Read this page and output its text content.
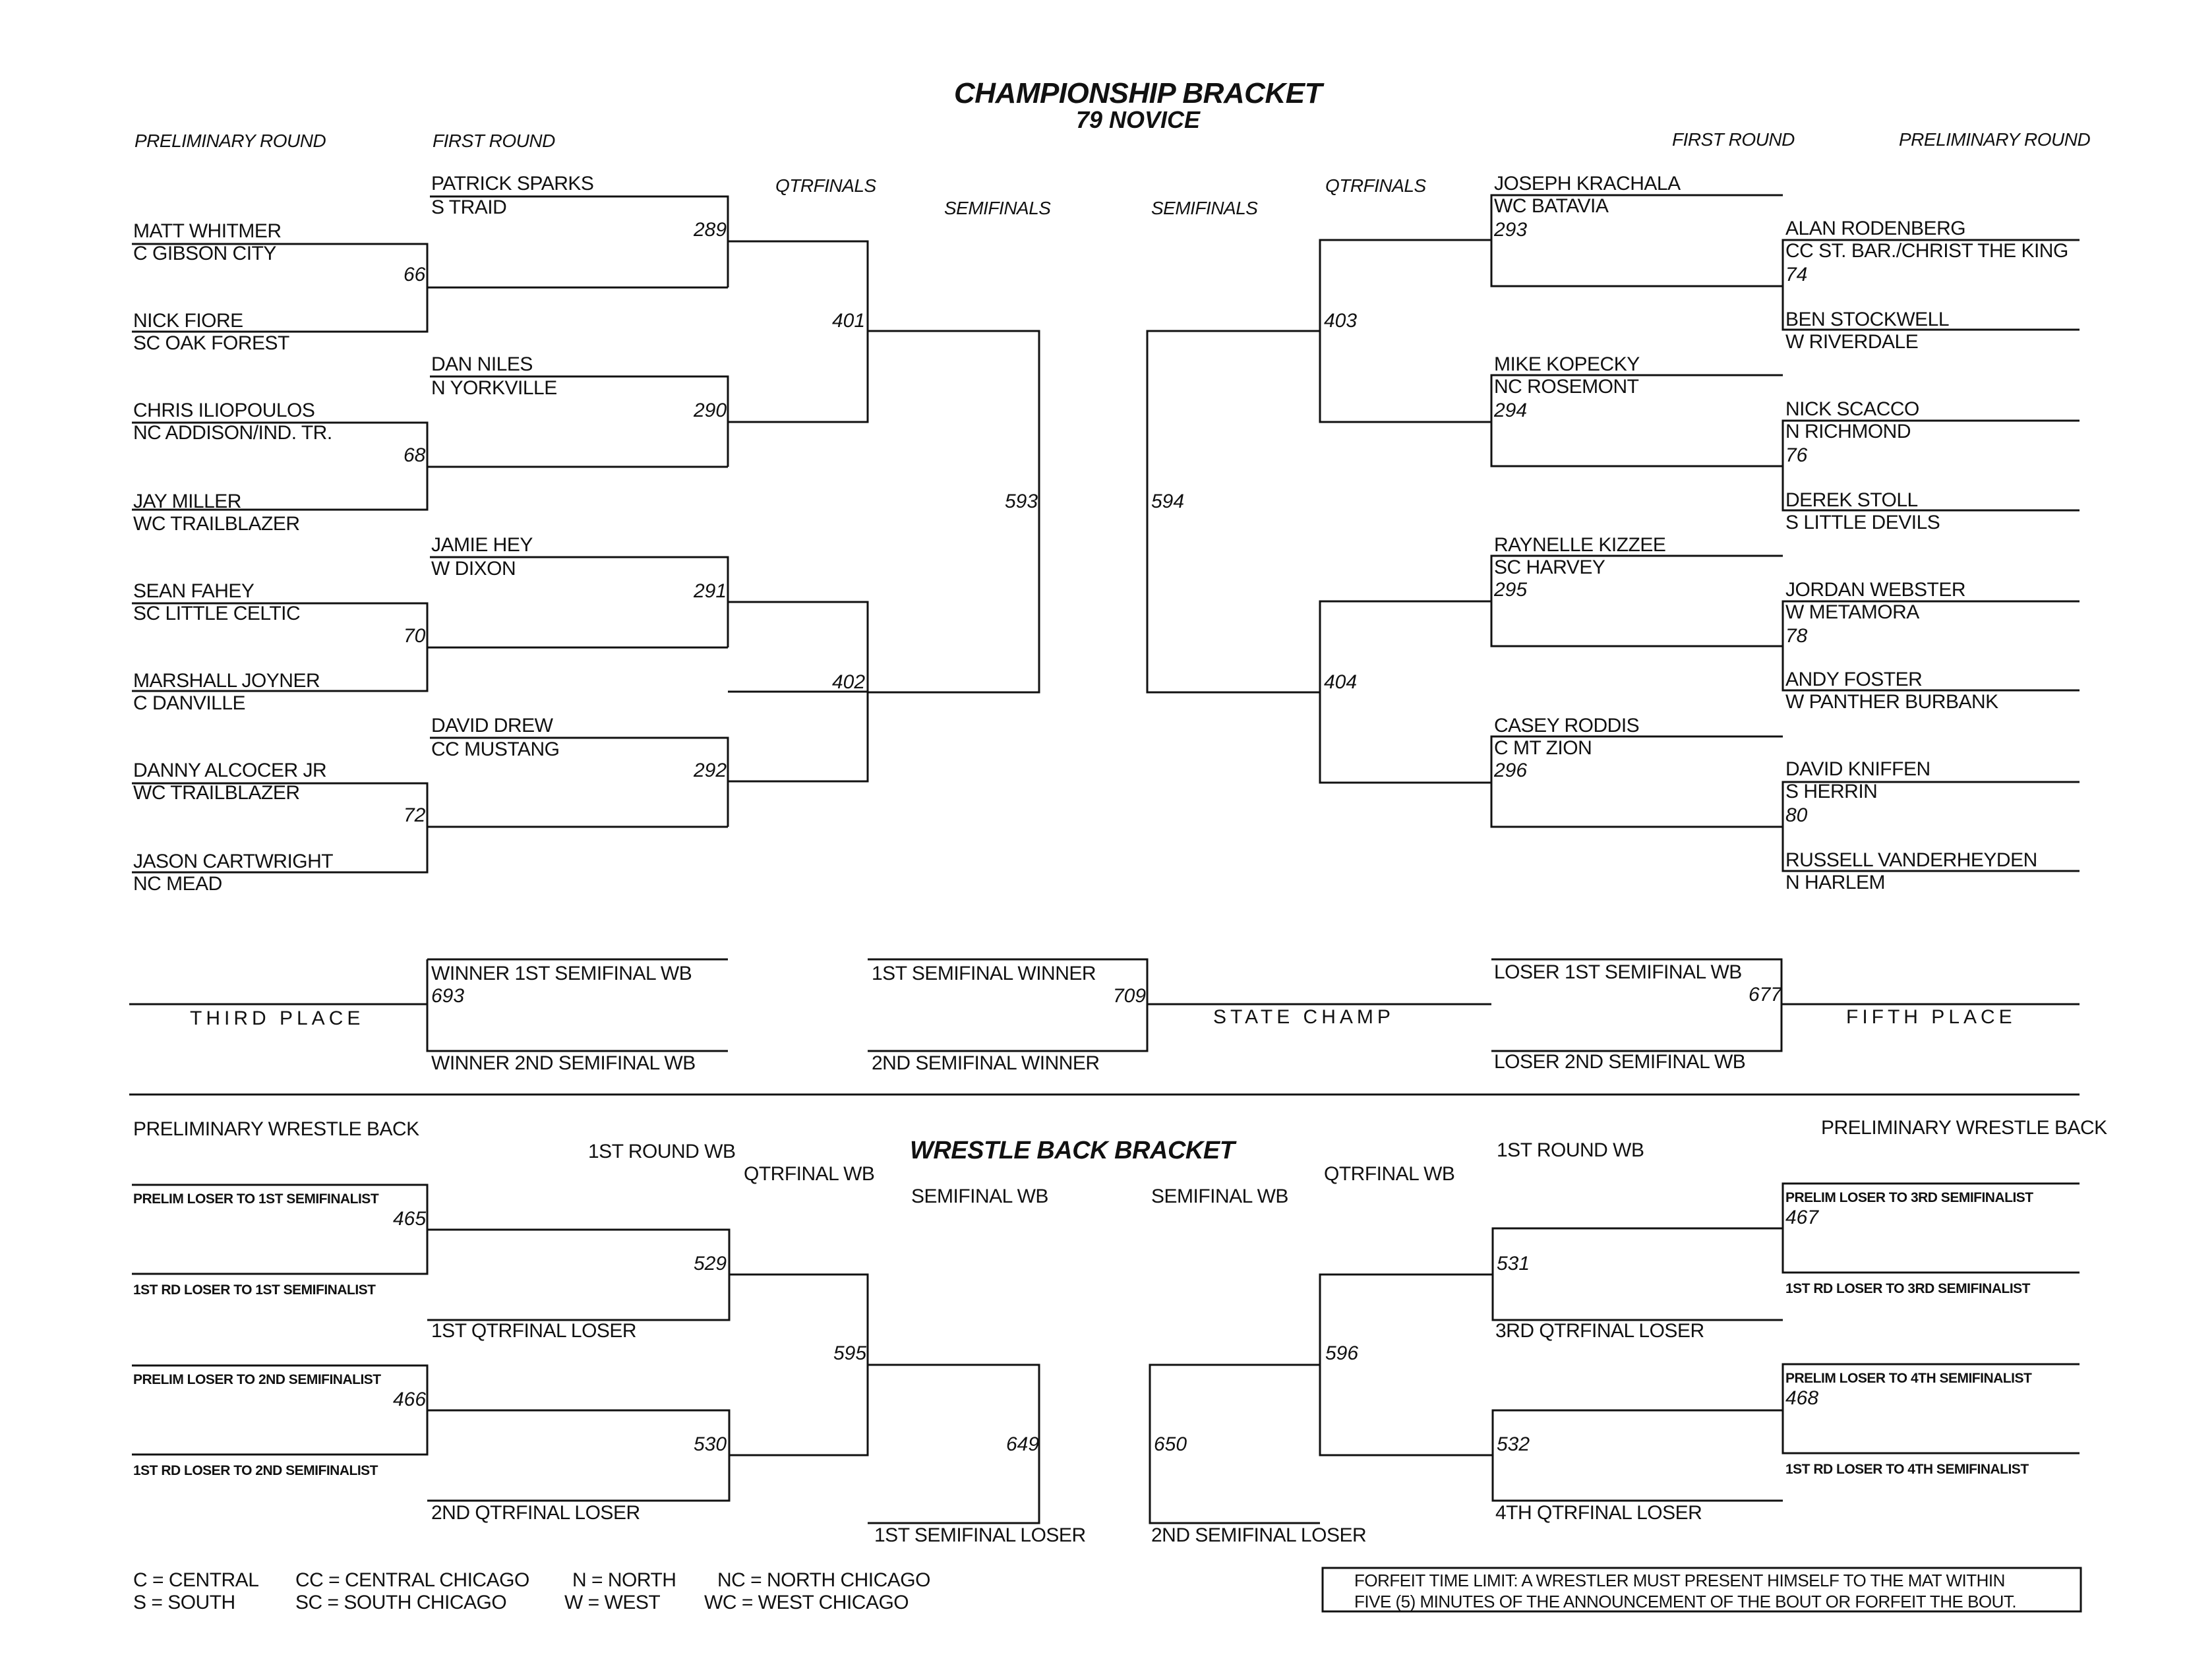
CHAMPIONSHIP BRACKET
79 NOVICE
PRELIMINARY ROUND	FIRST ROUND
QTRFINALS
SEMIFINALS	SEMIFINALS
QTRFINALS
FIRST ROUND	PRELIMINARY ROUND
MATT WHITMER
C GIBSON CITY
NICK FIORE
SC OAK FOREST
CHRIS ILIOPOULOS
NC ADDISON/IND. TR.
JAY MILLER
WC TRAILBLAZER
SEAN FAHEY
SC LITTLE CELTIC
MARSHALL JOYNER
C DANVILLE
DANNY ALCOCER JR
WC TRAILBLAZER
JASON CARTWRIGHT
NC MEAD
PATRICK SPARKS
S TRAID
DAN NILES
N YORKVILLE
JAMIE HEY
W DIXON
DAVID DREW
CC MUSTANG
66
68
70
72
289
290
291
292
401
402
593
JOSEPH KRACHALA
WC BATAVIA
MIKE KOPECKY
NC ROSEMONT
RAYNELLE KIZZEE
SC HARVEY
CASEY RODDIS
C MT ZION
ALAN RODENBERG
CC ST. BAR./CHRIST THE KING
BEN STOCKWELL
W RIVERDALE
NICK SCACCO
N RICHMOND
DEREK STOLL
S LITTLE DEVILS
JORDAN WEBSTER
W METAMORA
ANDY FOSTER
W PANTHER BURBANK
DAVID KNIFFEN
S HERRIN
RUSSELL VANDERHEYDEN
N HARLEM
74
76
78
80
293
294
295
296
403
404
594
THIRD PLACE
WINNER 1ST SEMIFINAL WB
693
WINNER 2ND SEMIFINAL WB
1ST SEMIFINAL WINNER
709
2ND SEMIFINAL WINNER
STATE CHAMP
LOSER 1ST SEMIFINAL WB
677
LOSER 2ND SEMIFINAL WB
FIFTH PLACE
PRELIMINARY WRESTLE BACK
1ST ROUND WB
QTRFINAL WB
SEMIFINAL WB
WRESTLE BACK BRACKET
SEMIFINAL WB
QTRFINAL WB
1ST ROUND WB
PRELIMINARY WRESTLE BACK
PRELIM LOSER TO 1ST SEMIFINALIST
465
1ST RD LOSER TO 1ST SEMIFINALIST
PRELIM LOSER TO 2ND SEMIFINALIST
466
1ST RD LOSER TO 2ND SEMIFINALIST
529
1ST QTRFINAL LOSER
530
2ND QTRFINAL LOSER
595
649
1ST SEMIFINAL LOSER
PRELIM LOSER TO 3RD SEMIFINALIST
467
1ST RD LOSER TO 3RD SEMIFINALIST
PRELIM LOSER TO 4TH SEMIFINALIST
468
1ST RD LOSER TO 4TH SEMIFINALIST
531
3RD QTRFINAL LOSER
532
4TH QTRFINAL LOSER
596
650
2ND SEMIFINAL LOSER
C = CENTRAL CC = CENTRAL CHICAGO N = NORTH NC = NORTH CHICAGO
S = SOUTH	SC = SOUTH CHICAGO	W = WEST WC = WEST CHICAGO
FORFEIT TIME LIMIT: A WRESTLER MUST PRESENT HIMSELF TO THE MAT WITHIN
FIVE (5) MINUTES OF THE ANNOUNCEMENT OF THE BOUT OR FORFEIT THE BOUT.
